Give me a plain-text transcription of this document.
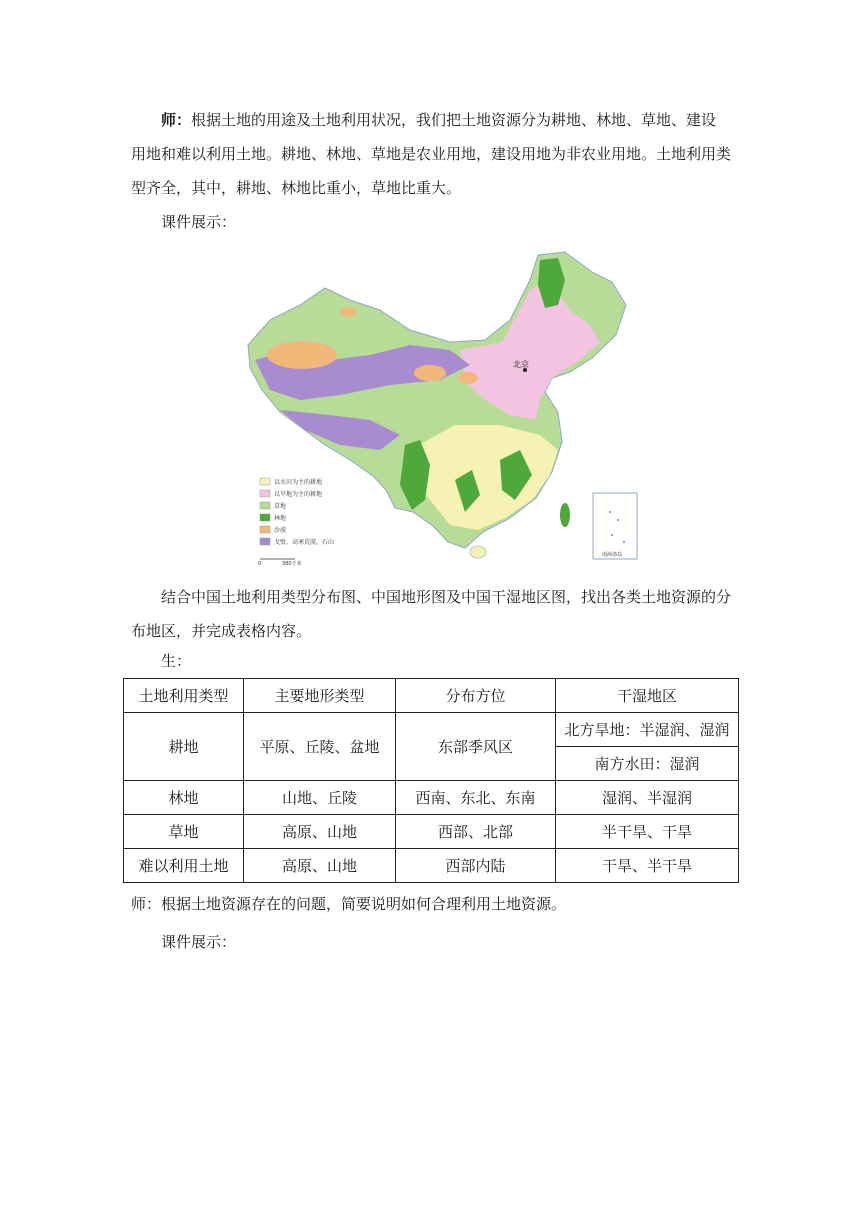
师：根据土地的用途及土地利用状况，我们把土地资源分为耕地、林地、草地、建设用地和难以利用土地。耕地、林地、草地是农业用地，建设用地为非农业用地。土地利用类型齐全，其中，耕地、林地比重小，草地比重大。

课件展示：

北京
南海诸岛
以水田为主的耕地
以旱地为主的耕地
草地
林地
沙漠
戈壁、高寒荒漠、石山
0	380千米

结合中国土地利用类型分布图、中国地形图及中国干湿地区图，找出各类土地资源的分布地区，并完成表格内容。

生：

土地利用类型	主要地形类型	分布方位	干湿地区
耕地	平原、丘陵、盆地	东部季风区	北方旱地：半湿润、湿润
			南方水田：湿润
林地	山地、丘陵	西南、东北、东南	湿润、半湿润
草地	高原、山地	西部、北部	半干旱、干旱
难以利用土地	高原、山地	西部内陆	干旱、半干旱

师：根据土地资源存在的问题，简要说明如何合理利用土地资源。

课件展示：
